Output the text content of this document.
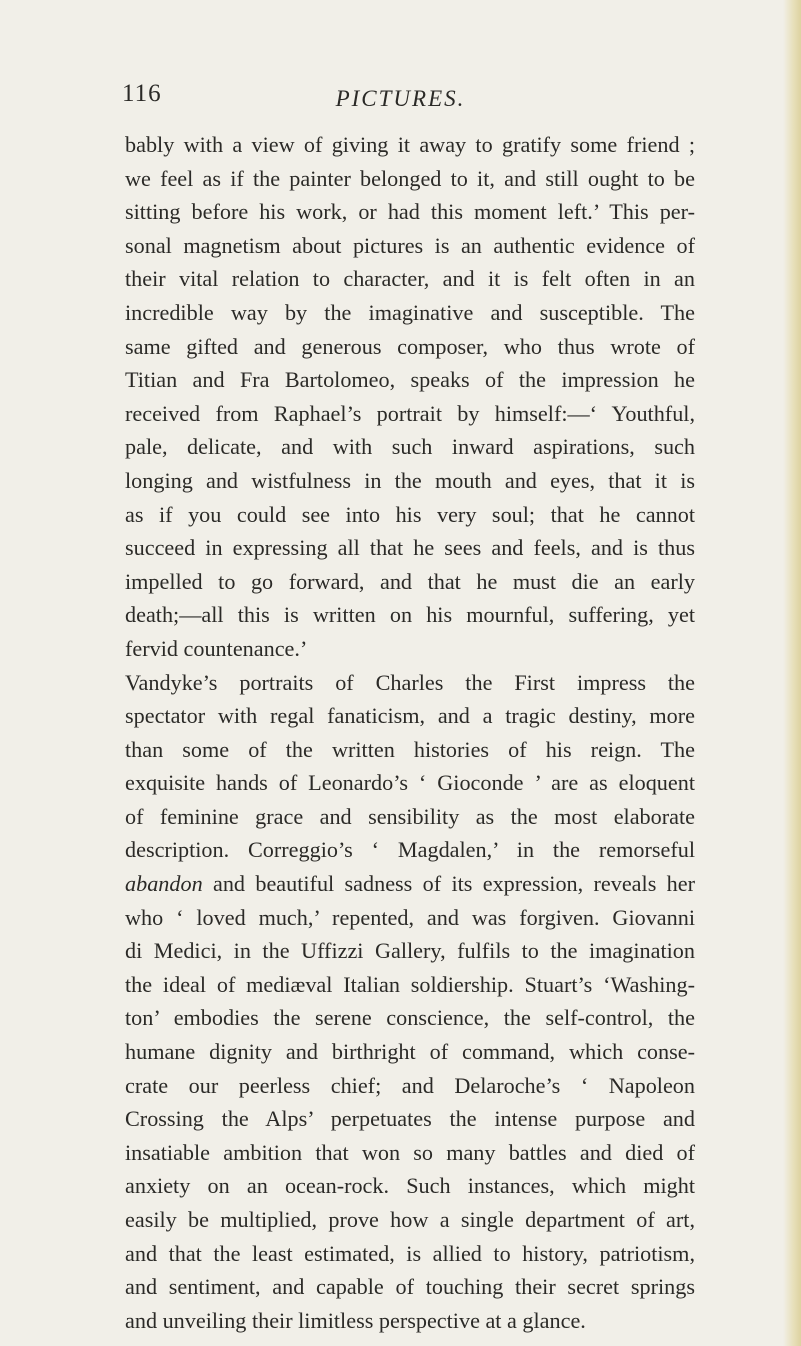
116	PICTURES.
bably with a view of giving it away to gratify some friend ;
we feel as if the painter belonged to it, and still ought to be
sitting before his work, or had this moment left.’ This per-
sonal magnetism about pictures is an authentic evidence of
their vital relation to character, and it is felt often in an
incredible way by the imaginative and susceptible. The
same gifted and generous composer, who thus wrote of
Titian and Fra Bartolomeo, speaks of the impression he
received from Raphael’s portrait by himself:—‘ Youthful,
pale, delicate, and with such inward aspirations, such
longing and wistfulness in the mouth and eyes, that it is
as if you could see into his very soul; that he cannot
succeed in expressing all that he sees and feels, and is thus
impelled to go forward, and that he must die an early
death;—all this is written on his mournful, suffering, yet
fervid countenance.’
Vandyke’s portraits of Charles the First impress the
spectator with regal fanaticism, and a tragic destiny, more
than some of the written histories of his reign. The
exquisite hands of Leonardo’s ‘ Gioconde ’ are as eloquent
of feminine grace and sensibility as the most elaborate
description. Correggio’s ‘ Magdalen,’ in the remorseful
abandon and beautiful sadness of its expression, reveals her
who ‘ loved much,’ repented, and was forgiven. Giovanni
di Medici, in the Uffizzi Gallery, fulfils to the imagination
the ideal of mediæval Italian soldiership. Stuart’s ‘Washing-
ton’ embodies the serene conscience, the self-control, the
humane dignity and birthright of command, which conse-
crate our peerless chief; and Delaroche’s ‘ Napoleon
Crossing the Alps’ perpetuates the intense purpose and
insatiable ambition that won so many battles and died of
anxiety on an ocean-rock. Such instances, which might
easily be multiplied, prove how a single department of art,
and that the least estimated, is allied to history, patriotism,
and sentiment, and capable of touching their secret springs
and unveiling their limitless perspective at a glance.
